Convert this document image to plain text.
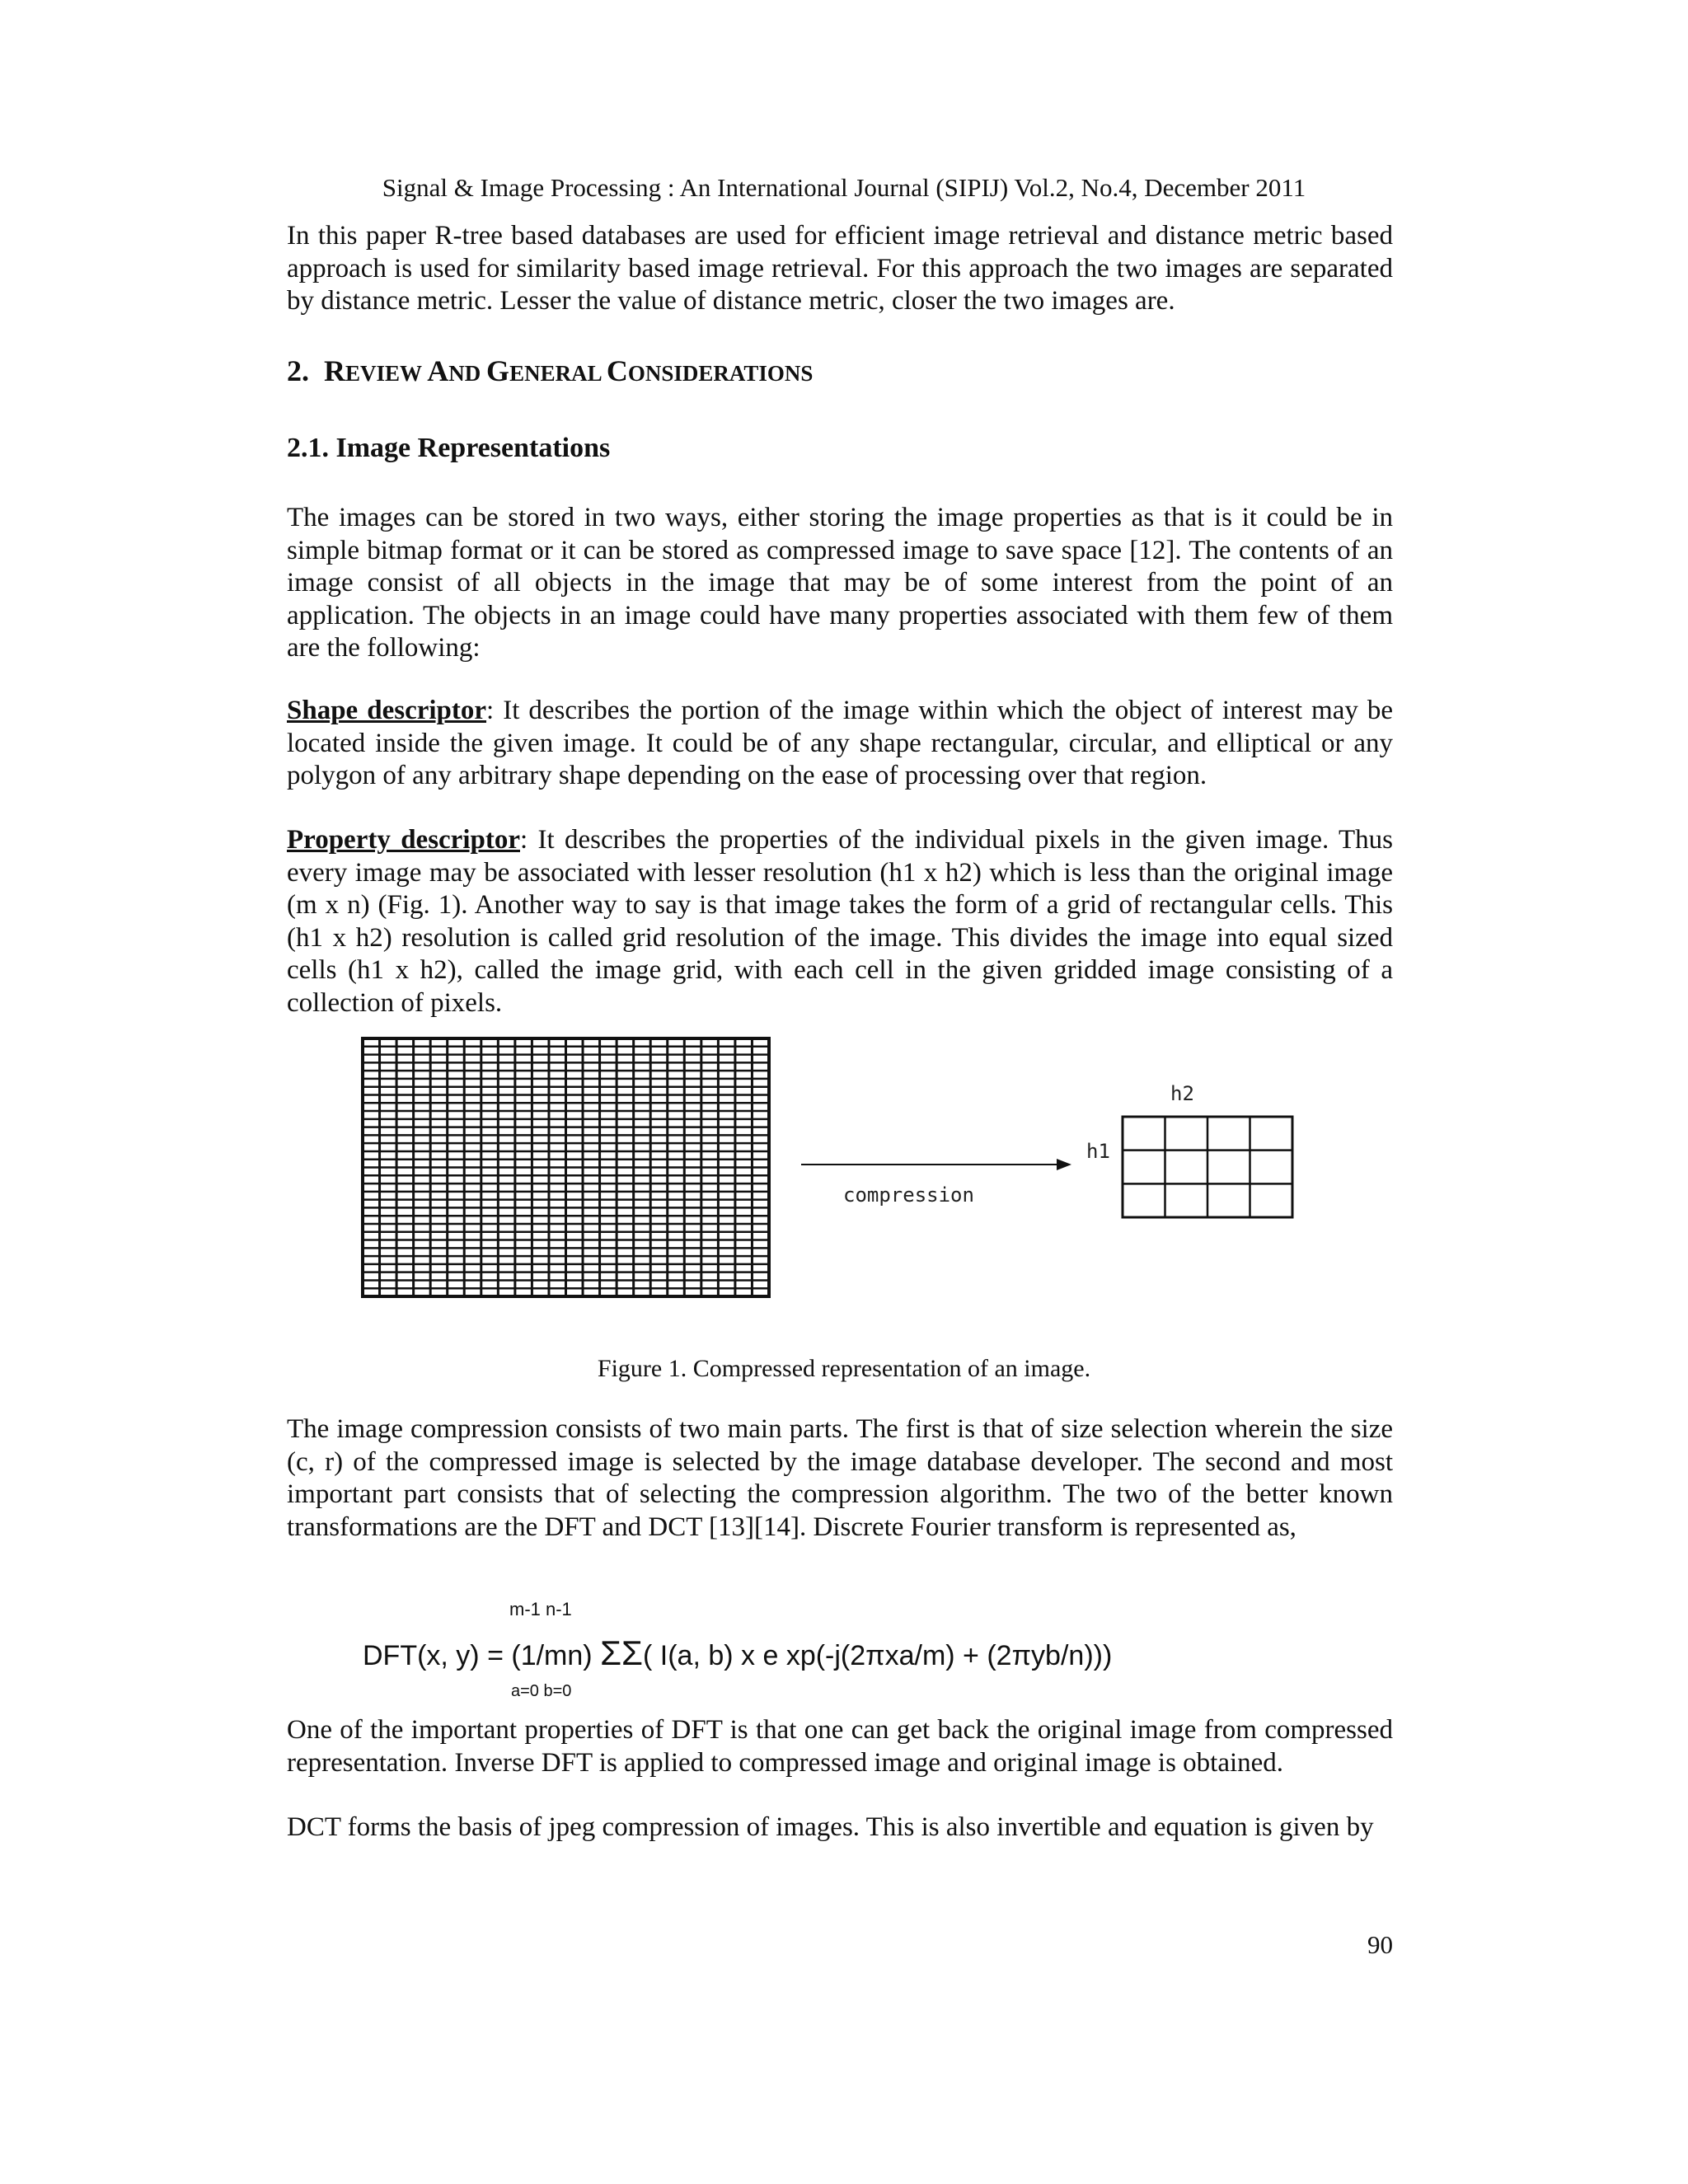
Signal & Image Processing : An International Journal (SIPIJ) Vol.2, No.4, December 2011

In this paper R-tree based databases are used for efficient image retrieval and distance metric based approach is used for similarity based image retrieval. For this approach the two images are separated by distance metric. Lesser the value of distance metric, closer the two images are.

2. REVIEW AND GENERAL CONSIDERATIONS
2.1. Image Representations

The images can be stored in two ways, either storing the image properties as that is it could be in simple bitmap format or it can be stored as compressed image to save space [12]. The contents of an image consist of all objects in the image that may be of some interest from the point of an application. The objects in an image could have many properties associated with them few of them are the following:

Shape descriptor: It describes the portion of the image within which the object of interest may be located inside the given image. It could be of any shape rectangular, circular, and elliptical or any polygon of any arbitrary shape depending on the ease of processing over that region.

Property descriptor: It describes the properties of the individual pixels in the given image. Thus every image may be associated with lesser resolution (h1 x h2) which is less than the original image (m x n) (Fig. 1). Another way to say is that image takes the form of a grid of rectangular cells. This (h1 x h2) resolution is called grid resolution of the image. This divides the image into equal sized cells (h1 x h2), called the image grid, with each cell in the given gridded image consisting of a collection of pixels.

compression
h2
h1
Figure 1. Compressed representation of an image.

The image compression consists of two main parts. The first is that of size selection wherein the size (c, r) of the compressed image is selected by the image database developer. The second and most important part consists that of selecting the compression algorithm. The two of the better known transformations are the DFT and DCT [13][14]. Discrete Fourier transform is represented as,

m-1 n-1
DFT(x, y) = (1/mn) ΣΣ( I(a, b) x e xp(-j(2πxa/m) + (2πyb/n)))
a=0 b=0

One of the important properties of DFT is that one can get back the original image from compressed representation. Inverse DFT is applied to compressed image and original image is obtained.

DCT forms the basis of jpeg compression of images. This is also invertible and equation is given by

90
